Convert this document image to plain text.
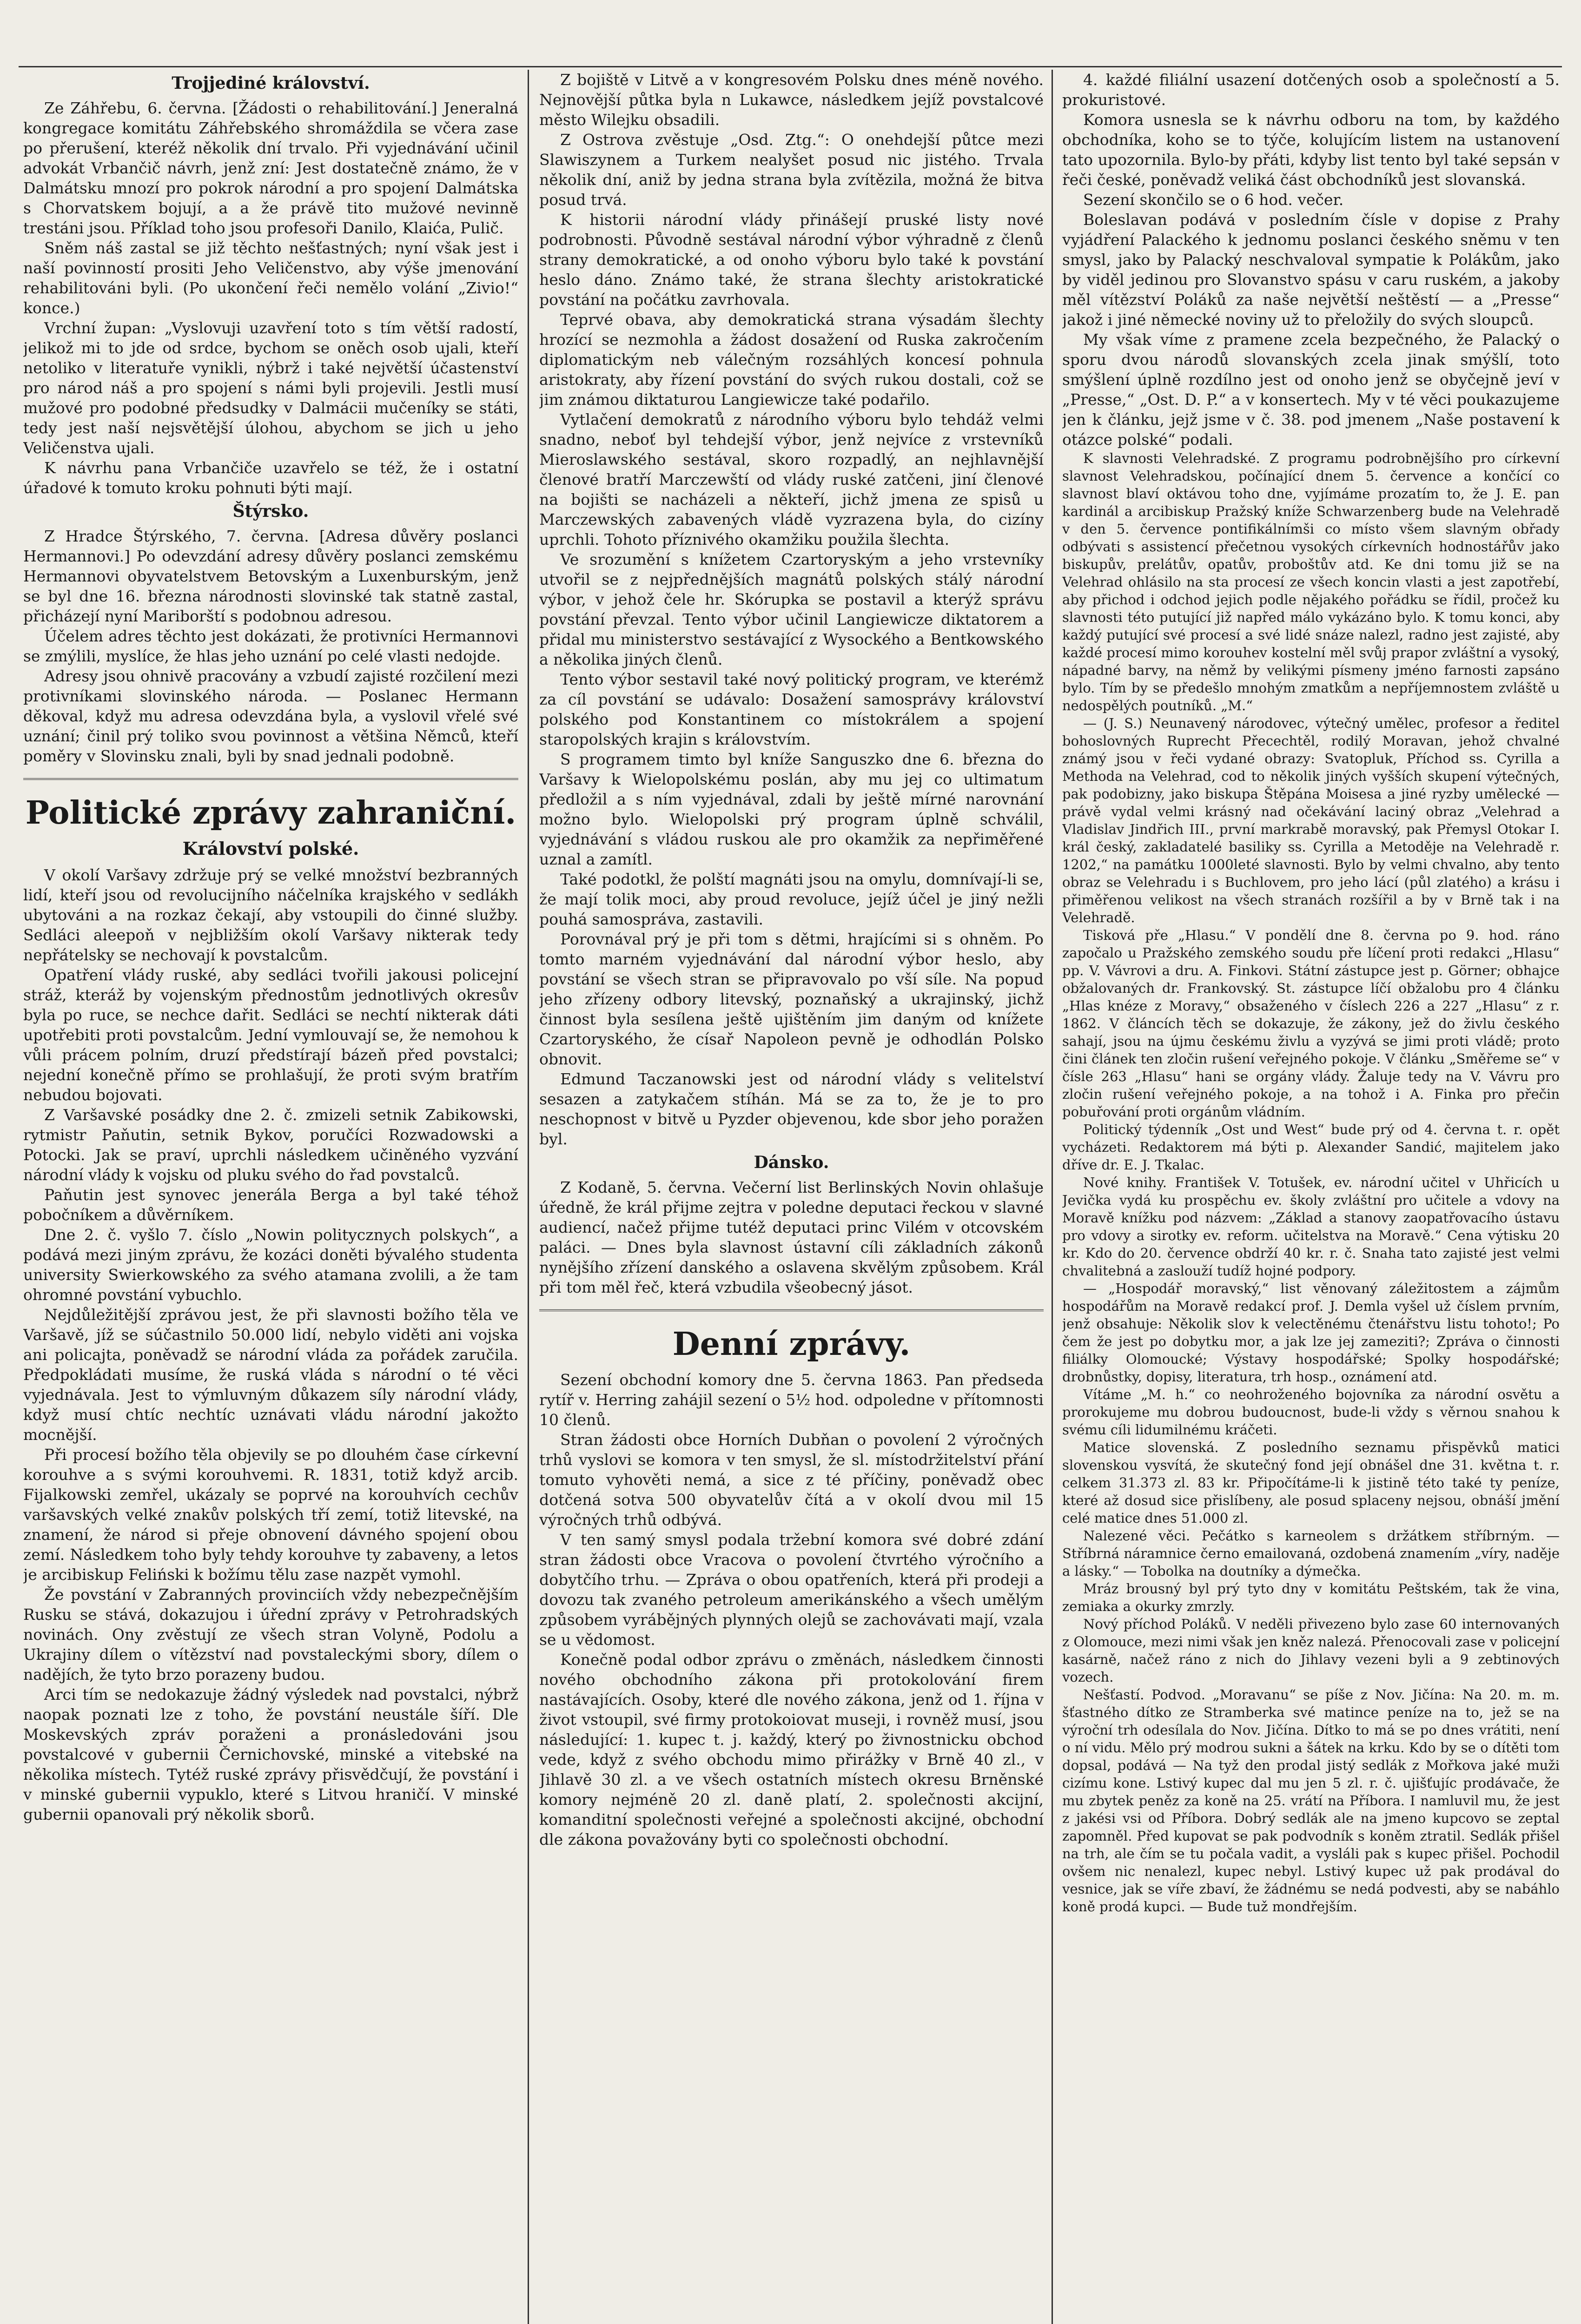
Trojjediné království.

Ze Záhřebu, 6. června. [Žádosti o rehabilitování.] Jeneralná kongregace komitátu Záhřebského shromáždila se včera zase po přerušení, kteréž několik dní trvalo. Při vyjednávání učinil advokát Vrbančič návrh, jenž zní: Jest dostatečně známo, že v Dalmátsku mnozí pro pokrok národní a pro spojení Dalmátska s Chorvatskem bojují, a a že právě tito mužové nevinně trestáni jsou. Příklad toho jsou profesoři Danilo, Klaića, Pulič.

Sněm náš zastal se již těchto nešťastných; nyní však jest i naší povinností prositi Jeho Veličenstvo, aby výše jmenování rehabilitováni byli. (Po ukončení řeči nemělo volání „Zivio!“ konce.)

Vrchní župan: „Vyslovuji uzavření toto s tím větší radostí, jelikož mi to jde od srdce, bychom se oněch osob ujali, kteří netoliko v literatuře vynikli, nýbrž i také největší účastenství pro národ náš a pro spojení s námi byli projevili. Jestli musí mužové pro podobné předsudky v Dalmácii mučeníky se státi, tedy jest naší nejsvětější úlohou, abychom se jich u jeho Veličenstva ujali.

K návrhu pana Vrbančiče uzavřelo se též, že i ostatní úřadové k tomuto kroku pohnuti býti mají.

Štýrsko.

Z Hradce Štýrského, 7. června. [Adresa důvěry poslanci Hermannovi.] Po odevzdání adresy důvěry poslanci zemskému Hermannovi obyvatelstvem Betovským a Luxenburským, jenž se byl dne 16. března národnosti slovinské tak statně zastal, přicházejí nyní Mariborští s podobnou adresou.

Účelem adres těchto jest dokázati, že protivníci Hermannovi se zmýlili, myslíce, že hlas jeho uznání po celé vlasti nedojde.

Adresy jsou ohnivě pracovány a vzbudí zajisté rozčilení mezi protivníkami slovinského národa. — Poslanec Hermann děkoval, když mu adresa odevzdána byla, a vyslovil vřelé své uznání; činil prý toliko svou povinnost a většina Němců, kteří poměry v Slovinsku znali, byli by snad jednali podobně.

Politické zprávy zahraniční.
Království polské.

V okolí Varšavy zdržuje prý se velké množství bezbranných lidí, kteří jsou od revolucijního náčelníka krajského v sedlákh ubytováni a na rozkaz čekají, aby vstoupili do činné služby. Sedláci aleepoň v nejbližším okolí Varšavy nikterak tedy nepřátelsky se nechovají k povstalcům.

Opatření vlády ruské, aby sedláci tvořili jakousi policejní stráž, kteráž by vojenským přednostům jednotlivých okresův byla po ruce, se nechce dařit. Sedláci se nechtí nikterak dáti upotřebiti proti povstalcům. Jední vymlouvají se, že nemohou k vůli prácem polním, druzí předstírají bázeň před povstalci; nejední konečně přímo se prohlašují, že proti svým bratřím nebudou bojovati.

Z Varšavské posádky dne 2. č. zmizeli setnik Zabikowski, rytmistr Paňutin, setnik Bykov, poručíci Rozwadowski a Potocki. Jak se praví, uprchli následkem učiněného vyzvání národní vlády k vojsku od pluku svého do řad povstalců.

Paňutin jest synovec jenerála Berga a byl také téhož pobočníkem a důvěrníkem.

Dne 2. č. vyšlo 7. číslo „Nowin politycznych polskych“, a podává mezi jiným zprávu, že kozáci doněti bývalého studenta university Swierkowského za svého atamana zvolili, a že tam ohromné povstání vybuchlo.

Nejdůležitější zprávou jest, že při slavnosti božího těla ve Varšavě, jíž se súčastnilo 50.000 lidí, nebylo viděti ani vojska ani policajta, poněvadž se národní vláda za pořádek zaručila. Předpokládati musíme, že ruská vláda s národní o té věci vyjednávala. Jest to výmluvným důkazem síly národní vlády, když musí chtíc nechtíc uznávati vládu národní jakožto mocnější.

Při procesí božího těla objevily se po dlouhém čase církevní korouhve a s svými korouhvemi. R. 1831, totiž když arcib. Fijalkowski zemřel, ukázaly se poprvé na korouhvích cechův varšavských velké znakův polských tří zemí, totiž litevské, na znamení, že národ si přeje obnovení dávného spojení obou zemí. Následkem toho byly tehdy korouhve ty zabaveny, a letos je arcibiskup Feliński k božímu tělu zase nazpět vymohl.

Že povstání v Zabranných provinciích vždy nebezpečnějším Rusku se stává, dokazujou i úřední zprávy v Petrohradských novinách. Ony zvěstují ze všech stran Volyně, Podolu a Ukrajiny dílem o vítězství nad povstaleckými sbory, dílem o nadějích, že tyto brzo porazeny budou.

Arci tím se nedokazuje žádný výsledek nad povstalci, nýbrž naopak poznati lze z toho, že povstání neustále šíří. Dle Moskevských zpráv poraženi a pronásledováni jsou povstalcové v gubernii Černichovské, minské a vitebské na několika místech. Tytéž ruské zprávy přisvědčují, že povstání i v minské gubernii vypuklo, které s Litvou hraničí. V minské gubernii opanovali prý několik sborů.

Z bojiště v Litvě a v kongresovém Polsku dnes méně nového. Nejnovější půtka byla n Lukawce, následkem jejíž povstalcové město Wilejku obsadili.

Z Ostrova zvěstuje „Osd. Ztg.“: O onehdejší půtce mezi Slawiszynem a Turkem nealyšet posud nic jistého. Trvala několik dní, aniž by jedna strana byla zvítězila, možná že bitva posud trvá.

K historii národní vlády přinášejí pruské listy nové podrobnosti. Původně sestával národní výbor výhradně z členů strany demokratické, a od onoho výboru bylo také k povstání heslo dáno. Známo také, že strana šlechty aristokratické povstání na počátku zavrhovala.

Teprvé obava, aby demokratická strana výsadám šlechty hrozící se nezmohla a žádost dosažení od Ruska zakročením diplomatickým neb válečným rozsáhlých koncesí pohnula aristokraty, aby řízení povstání do svých rukou dostali, což se jim známou diktaturou Langiewicze také podařilo.

Vytlačení demokratů z národního výboru bylo tehdáž velmi snadno, neboť byl tehdejší výbor, jenž nejvíce z vrstevníků Mieroslawského sestával, skoro rozpadlý, an nejhlavnější členové bratří Marczewští od vlády ruské zatčeni, jiní členové na bojišti se nacházeli a někteří, jichž jmena ze spisů u Marczewských zabavených vládě vyzrazena byla, do cizíny uprchli. Tohoto příznivého okamžiku použila šlechta.

Ve srozumění s knížetem Czartoryským a jeho vrstevníky utvořil se z nejpřednějších magnátů polských stálý národní výbor, v jehož čele hr. Skórupka se postavil a kterýž správu povstání převzal. Tento výbor učinil Langiewicze diktatorem a přidal mu ministerstvo sestávající z Wysockého a Bentkowského a několika jiných členů.

Tento výbor sestavil také nový politický program, ve kterémž za cíl povstání se udávalo: Dosažení samosprávy království polského pod Konstantinem co místokrálem a spojení staropolských krajin s královstvím.

S programem timto byl kníže Sanguszko dne 6. března do Varšavy k Wielopolskému poslán, aby mu jej co ultimatum předložil a s ním vyjednával, zdali by ještě mírné narovnání možno bylo. Wielopolski prý program úplně schválil, vyjednávání s vládou ruskou ale pro okamžik za nepřiměřené uznal a zamítl.

Také podotkl, že polští magnáti jsou na omylu, domnívají-li se, že mají tolik moci, aby proud revoluce, jejíž účel je jiný nežli pouhá samospráva, zastavili.

Porovnával prý je při tom s dětmi, hrajícími si s ohněm. Po tomto marném vyjednávání dal národní výbor heslo, aby povstání se všech stran se připravovalo po vší síle. Na popud jeho zřízeny odbory litevský, poznaňský a ukrajinský, jichž činnost byla sesílena ještě ujištěním jim daným od knížete Czartoryského, že císař Napoleon pevně je odhodlán Polsko obnovit.

Edmund Taczanowski jest od národní vlády s velitelství sesazen a zatykačem stíhán. Má se za to, že je to pro neschopnost v bitvě u Pyzder objevenou, kde sbor jeho poražen byl.

Dánsko.

Z Kodaně, 5. června. Večerní list Berlinských Novin ohlašuje úředně, že král přijme zejtra v poledne deputaci řeckou v slavné audiencí, načež přijme tutéž deputaci princ Vilém v otcovském paláci. — Dnes byla slavnost ústavní cíli základních zákonů nynějšího zřízení danského a oslavena skvělým způsobem. Král při tom měl řeč, která vzbudila všeobecný jásot.

Denní zprávy.

Sezení obchodní komory dne 5. června 1863. Pan předseda rytíř v. Herring zahájil sezení o 5½ hod. odpoledne v přítomnosti 10 členů.

Stran žádosti obce Horních Dubňan o povolení 2 výročných trhů vyslovi se komora v ten smysl, že sl. místodržitelství přání tomuto vyhověti nemá, a sice z té příčiny, poněvadž obec dotčená sotva 500 obyvatelův čítá a v okolí dvou mil 15 výročných trhů odbývá.

V ten samý smysl podala tržební komora své dobré zdání stran žádosti obce Vracova o povolení čtvrtého výročního a dobytčího trhu. — Zpráva o obou opatřeních, která při prodeji a dovozu tak zvaného petroleum amerikánského a všech umělým způsobem vyrábějných plynných olejů se zachovávati mají, vzala se u vědomost.

Konečně podal odbor zprávu o změnách, následkem činnosti nového obchodního zákona při protokolování firem nastávajících. Osoby, které dle nového zákona, jenž od 1. října v život vstoupil, své firmy protokoiovat museji, i rovněž musí, jsou následující: 1. kupec t. j. každý, který po živnostnicku obchod vede, když z svého obchodu mimo přirážky v Brně 40 zl., v Jihlavě 30 zl. a ve všech ostatních místech okresu Brněnské komory nejméně 20 zl. daně platí, 2. společnosti akcijní, komanditní společnosti veřejné a společnosti akcijné, obchodní dle zákona považovány byti co společnosti obchodní.

4. každé filiální usazení dotčených osob a společností a 5. prokuristové.

Komora usnesla se k návrhu odboru na tom, by každého obchodníka, koho se to týče, kolujícím listem na ustanovení tato upozornila. Bylo-by přáti, kdyby list tento byl také sepsán v řeči české, poněvadž veliká část obchodníků jest slovanská.

Sezení skončilo se o 6 hod. večer.

Boleslavan podává v posledním čísle v dopise z Prahy vyjádření Palackého k jednomu poslanci českého sněmu v ten smysl, jako by Palacký neschvaloval sympatie k Polákům, jako by viděl jedinou pro Slovanstvo spásu v caru ruském, a jakoby měl vítězství Poláků za naše největší neštěstí — a „Presse“ jakož i jiné německé noviny už to přeložily do svých sloupců.

My však víme z pramene zcela bezpečného, že Palacký o sporu dvou národů slovanských zcela jinak smýšlí, toto smýšlení úplně rozdílno jest od onoho jenž se obyčejně jeví v „Presse,“ „Ost. D. P.“ a v konsertech. My v té věci poukazujeme jen k článku, jejž jsme v č. 38. pod jmenem „Naše postavení k otázce polské“ podali.

K slavnosti Velehradské. Z programu podrobnějšího pro církevní slavnost Velehradskou, počínající dnem 5. července a končící co slavnost blaví oktávou toho dne, vyjímáme prozatím to, že J. E. pan kardinál a arcibiskup Pražský kníže Schwarzenberg bude na Velehradě v den 5. července pontifikálnímši co místo všem slavným obřady odbývati s assistencí přečetnou vysokých církevních hodnostářův jako biskupův, prelátův, opatův, proboštův atd. Ke dni tomu již se na Velehrad ohlásilo na sta procesí ze všech koncin vlasti a jest zapotřebí, aby přichod i odchod jejich podle nějakého pořádku se řídil, pročež ku slavnosti této putující již napřed málo vykázáno bylo. K tomu konci, aby každý putující své procesí a své lidé snáze nalezl, radno jest zajisté, aby každé procesí mimo korouhev kostelní měl svůj prapor zvláštní a vysoký, nápadné barvy, na němž by velikými písmeny jméno farnosti zapsáno bylo. Tím by se předešlo mnohým zmatkům a nepříjemnostem zvláště u nedospělých poutníků. „M.“

— (J. S.) Neunavený národovec, výtečný umělec, profesor a ředitel bohoslovných Ruprecht Přecechtěl, rodilý Moravan, jehož chvalné známý jsou v řeči vydané obrazy: Svatopluk, Příchod ss. Cyrilla a Methoda na Velehrad, cod to několik jiných vyšších skupení výtečných, pak podobizny, jako biskupa Štěpána Moisesa a jiné ryzby umělecké — právě vydal velmi krásný nad očekávání laciný obraz „Velehrad a Vladislav Jindřich III., první markrabě moravský, pak Přemysl Otokar I. král český, zakladatelé basiliky ss. Cyrilla a Metoděje na Velehradě r. 1202,“ na památku 1000leté slavnosti. Bylo by velmi chvalno, aby tento obraz se Velehradu i s Buchlovem, pro jeho lácí (půl zlatého) a krásu i přiměřenou velikost na všech stranách rozšířil a by v Brně tak i na Velehradě.

Tisková pře „Hlasu.“ V pondělí dne 8. června po 9. hod. ráno započalo u Pražského zemského soudu pře líčení proti redakci „Hlasu“ pp. V. Vávrovi a dru. A. Finkovi. Státní zástupce jest p. Görner; obhajce obžalovaných dr. Frankovský. St. zástupce líčí obžalobu pro 4 článku „Hlas knéze z Moravy,“ obsaženého v číslech 226 a 227 „Hlasu“ z r. 1862. V článcích těch se dokazuje, že zákony, jež do živlu českého sahají, jsou na újmu českému živlu a vyzývá se jimi proti vládě; proto čini článek ten zločin rušení veřejného pokoje. V článku „Směřeme se“ v čísle 263 „Hlasu“ hani se orgány vlády. Žaluje tedy na V. Vávru pro zločin rušení veřejného pokoje, a na tohož i A. Finka pro přečin pobuřování proti orgánům vládním.

Politický týdenník „Ost und West“ bude prý od 4. června t. r. opět vycházeti. Redaktorem má býti p. Alexander Sandić, majitelem jako dříve dr. E. J. Tkalac.

Nové knihy. František V. Totušek, ev. národní učitel v Uhřicích u Jevička vydá ku prospěchu ev. školy zvláštní pro učitele a vdovy na Moravě knížku pod názvem: „Základ a stanovy zaopatřovacího ústavu pro vdovy a sirotky ev. reform. učitelstva na Moravě.“ Cena výtisku 20 kr. Kdo do 20. července obdrží 40 kr. r. č. Snaha tato zajisté jest velmi chvalitebná a zaslouží tudíž hojné podpory.

— „Hospodář moravský,“ list věnovaný záležitostem a zájmům hospodářům na Moravě redakcí prof. J. Demla vyšel už číslem prvním, jenž obsahuje: Několik slov k velectěnému čtenářstvu listu tohoto!; Po čem že jest po dobytku mor, a jak lze jej zameziti?; Zpráva o činnosti filiálky Olomoucké; Výstavy hospodářské; Spolky hospodářské; drobnůstky, dopisy, literatura, trh hosp., oznámení atd.

Vítáme „M. h.“ co neohroženého bojovníka za národní osvětu a prorokujeme mu dobrou budoucnost, bude-li vždy s věrnou snahou k svému cíli lidumilnému kráčeti.

Matice slovenská. Z posledního seznamu přispěvků matici slovenskou vysvítá, že skutečný fond její obnášel dne 31. května t. r. celkem 31.373 zl. 83 kr. Připočítáme-li k jistině této také ty peníze, které až dosud sice přislíbeny, ale posud splaceny nejsou, obnáší jmění celé matice dnes 51.000 zl.

Nalezené věci. Pečátko s karneolem s držátkem stříbrným. — Stříbrná náramnice černo emailovaná, ozdobená znamením „víry, naděje a lásky.“ — Tobolka na doutníky a dýmečka.

Mráz brousný byl prý tyto dny v komitátu Peštském, tak že vina, zemiaka a okurky zmrzly.

Nový příchod Poláků. V neděli přivezeno bylo zase 60 internovaných z Olomouce, mezi nimi však jen kněz nalezá. Přenocovali zase v policejní kasárně, načež ráno z nich do Jihlavy vezeni byli a 9 zebtinových vozech.

Nešťastí. Podvod. „Moravanu“ se píše z Nov. Jičína: Na 20. m. m. šťastného dítko ze Stramberka své matince peníze na to, jež se na výroční trh odesílala do Nov. Jičína. Dítko to má se po dnes vrátiti, není o ní vidu. Mělo prý modrou sukni a šátek na krku. Kdo by se o dítěti tom dopsal, podává — Na tyž den prodal jistý sedlák z Mořkova jaké muži cizímu kone. Lstivý kupec dal mu jen 5 zl. r. č. ujišťujíc prodávače, že mu zbytek peněz za koně na 25. vrátí na Příbora. I namluvil mu, že jest z jakési vsi od Příbora. Dobrý sedlák ale na jmeno kupcovo se zeptal zapomněl. Před kupovat se pak podvodník s koněm ztratil. Sedlák přišel na trh, ale čím se tu počala vadit, a vysláli pak s kupec přišel. Pochodil ovšem nic nenalezl, kupec nebyl. Lstivý kupec už pak prodával do vesnice, jak se víře zbaví, že žádnému se nedá podvesti, aby se nabáhlo koně prodá kupci. — Bude tuž mondřejším.
